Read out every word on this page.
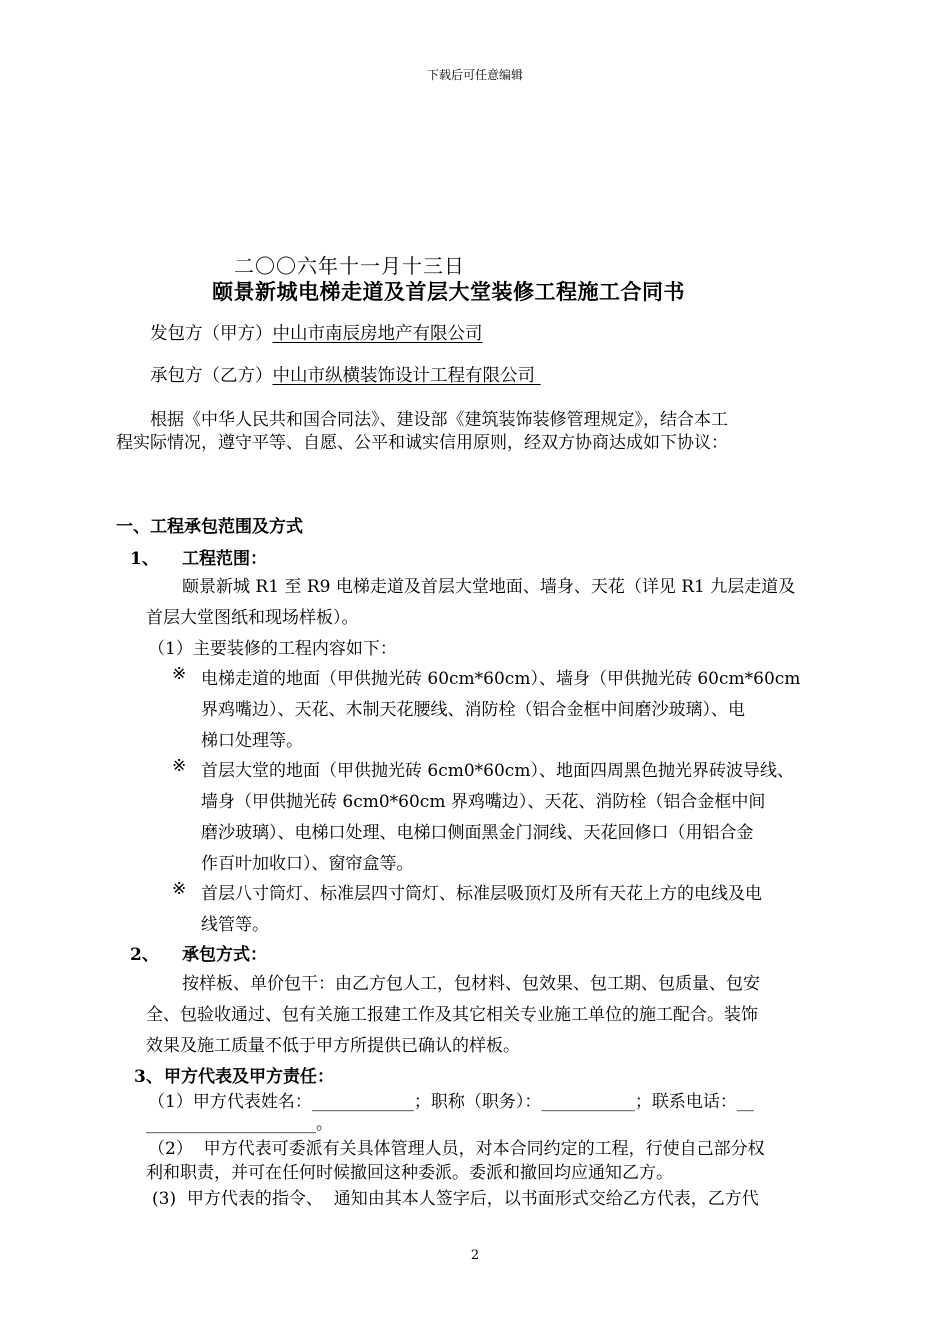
下载后可任意编辑
二〇〇六年十一月十三日
颐景新城电梯走道及首层大堂装修工程施工合同书
发包方（甲方）中山市南辰房地产有限公司
承包方（乙方）中山市纵横装饰设计工程有限公司
根据《中华人民共和国合同法》、建设部《建筑装饰装修管理规定》，结合本工
程实际情况，遵守平等、自愿、公平和诚实信用原则，经双方协商达成如下协议：
一、工程承包范围及方式
1、 工程范围：
颐景新城 R1 至 R9 电梯走道及首层大堂地面、墙身、天花（详见 R1 九层走道及
首层大堂图纸和现场样板）。
（1）主要装修的工程内容如下：
※ 电梯走道的地面（甲供抛光砖 60cm*60cm）、墙身（甲供抛光砖 60cm*60cm
界鸡嘴边）、天花、木制天花腰线、消防栓（铝合金框中间磨沙玻璃）、电
梯口处理等。
※ 首层大堂的地面（甲供抛光砖 6cm0*60cm）、地面四周黑色抛光界砖波导线、
墙身（甲供抛光砖 6cm0*60cm 界鸡嘴边）、天花、消防栓（铝合金框中间
磨沙玻璃）、电梯口处理、电梯口侧面黑金门洞线、天花回修口（用铝合金
作百叶加收口）、窗帘盒等。
※ 首层八寸筒灯、标准层四寸筒灯、标准层吸顶灯及所有天花上方的电线及电
线管等。
2、 承包方式：
按样板、单价包干：由乙方包人工，包材料、包效果、包工期、包质量、包安
全、包验收通过、包有关施工报建工作及其它相关专业施工单位的施工配合。装饰
效果及施工质量不低于甲方所提供已确认的样板。
3、甲方代表及甲方责任：
（1）甲方代表姓名：____________；职称（职务）：___________；联系电话：__
____________________。
（2）  甲方代表可委派有关具体管理人员，对本合同约定的工程，行使自己部分权
利和职责，并可在任何时候撤回这种委派。委派和撤回均应通知乙方。
(3)  甲方代表的指令、  通知由其本人签字后，以书面形式交给乙方代表，乙方代
2
